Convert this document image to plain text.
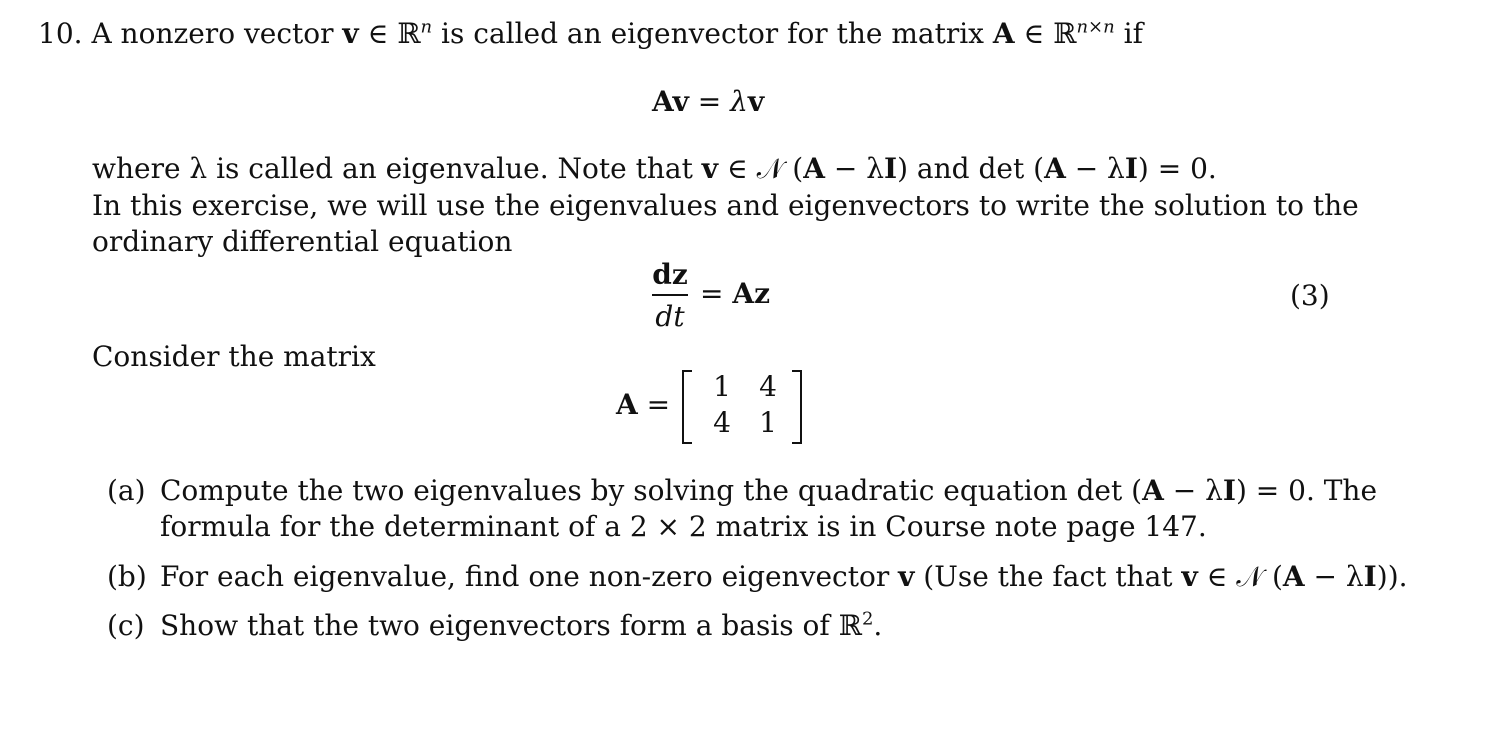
10. A nonzero vector v ∈ ℝ$^n$ is called an eigenvector for the matrix A ∈ ℝ$^{n\times n}$ if
Av = λv
where λ is called an eigenvalue. Note that v ∈ 𝒩 (A − λI) and det (A − λI) = 0.
In this exercise, we will use the eigenvalues and eigenvectors to write the solution to the
ordinary differential equation
dz
dt
= Az	(3)
Consider the matrix
A =
1 4
4 1
(a) Compute the two eigenvalues by solving the quadratic equation det (A − λI) = 0. The
formula for the determinant of a 2 × 2 matrix is in Course note page 147.
(b) For each eigenvalue, find one non-zero eigenvector v (Use the fact that v ∈ 𝒩 (A − λI)).
(c) Show that the two eigenvectors form a basis of ℝ$^2$.
